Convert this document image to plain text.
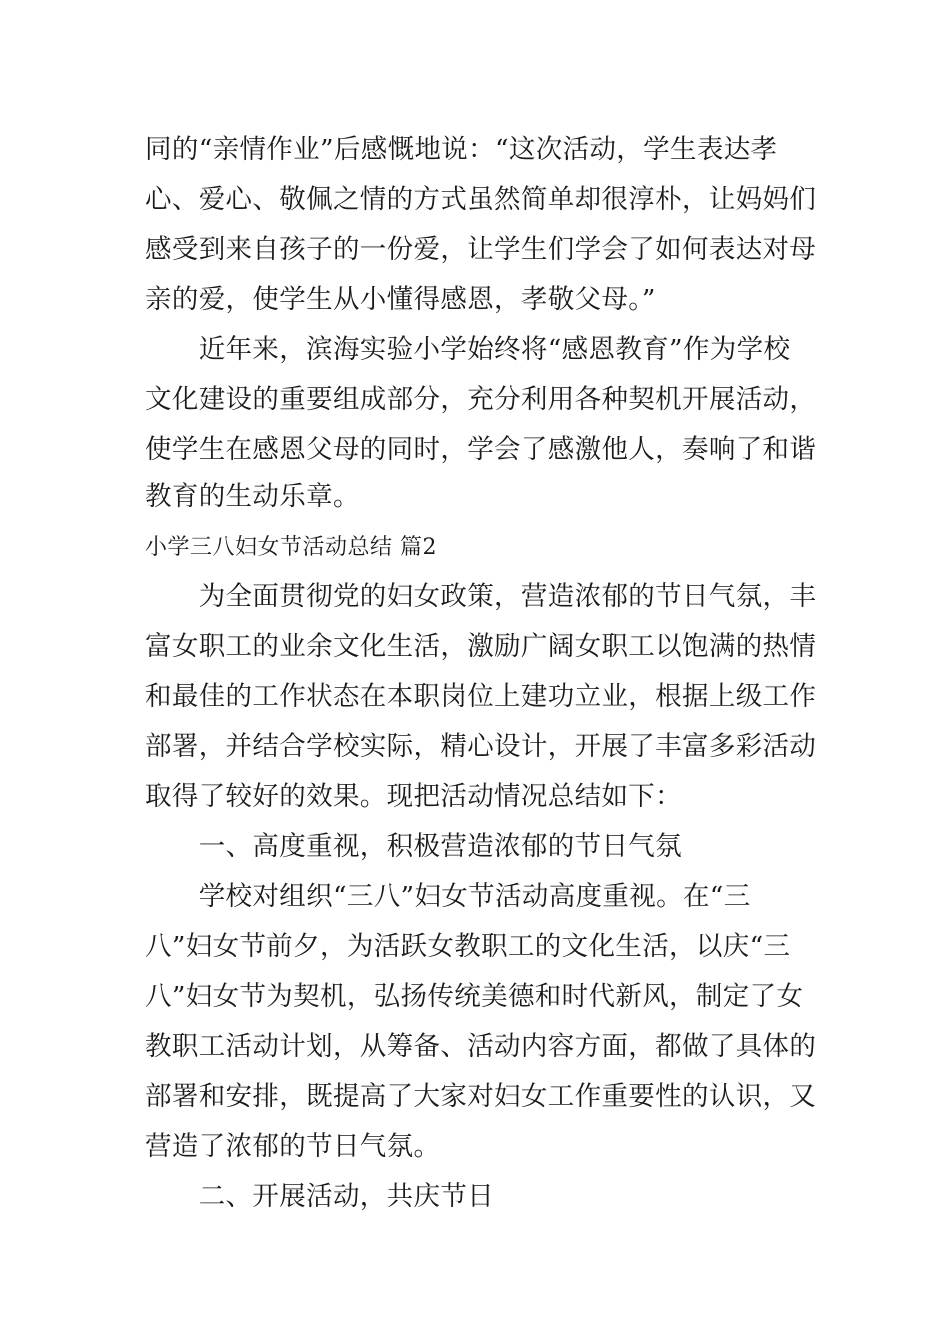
同的“亲情作业”后感慨地说：“这次活动，学生表达孝
心、爱心、敬佩之情的方式虽然简单却很淳朴，让妈妈们
感受到来自孩子的一份爱，让学生们学会了如何表达对母
亲的爱，使学生从小懂得感恩，孝敬父母。”
　　近年来，滨海实验小学始终将“感恩教育”作为学校
文化建设的重要组成部分，充分利用各种契机开展活动，
使学生在感恩父母的同时，学会了感激他人，奏响了和谐
教育的生动乐章。
小学三八妇女节活动总结 篇2
　　为全面贯彻党的妇女政策，营造浓郁的节日气氛，丰
富女职工的业余文化生活，激励广阔女职工以饱满的热情
和最佳的工作状态在本职岗位上建功立业，根据上级工作
部署，并结合学校实际，精心设计，开展了丰富多彩活动
取得了较好的效果。现把活动情况总结如下：
　　一、高度重视，积极营造浓郁的节日气氛
　　学校对组织“三八”妇女节活动高度重视。在“三
八”妇女节前夕，为活跃女教职工的文化生活，以庆“三
八”妇女节为契机，弘扬传统美德和时代新风，制定了女
教职工活动计划，从筹备、活动内容方面，都做了具体的
部署和安排，既提高了大家对妇女工作重要性的认识，又
营造了浓郁的节日气氛。
　　二、开展活动，共庆节日
